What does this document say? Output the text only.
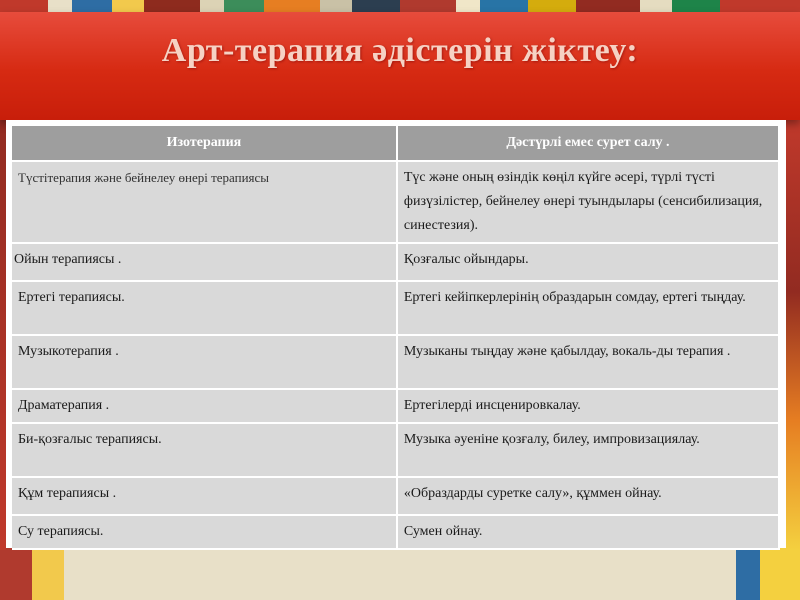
Арт-терапия әдістерін жіктеу:
Изотерапия	Дәстүрлі емес сурет салу .
Түстітерапия және бейнелеу өнері терапиясы	Түс және оның өзіндік көңіл күйге әсері, түрлі түсті физүзілістер, бейнелеу өнері туындылары (сенсибилизация, синестезия).
Ойын терапиясы .	Қозғалыс ойындары.
Ертегі терапиясы.	Ертегі кейіпкерлерінің образдарын сомдау, ертегі тыңдау.
Музыкотерапия .	Музыканы тыңдау және қабылдау, вокаль-ды терапия .
Драматерапия .	Ертегілерді инсценировкалау.
Би-қозғалыс терапиясы.	Музыка әуеніне қозғалу, билеу, импровизациялау.
Құм терапиясы .	«Образдарды суретке салу», құммен ойнау.
Су терапиясы.	Сумен ойнау.
